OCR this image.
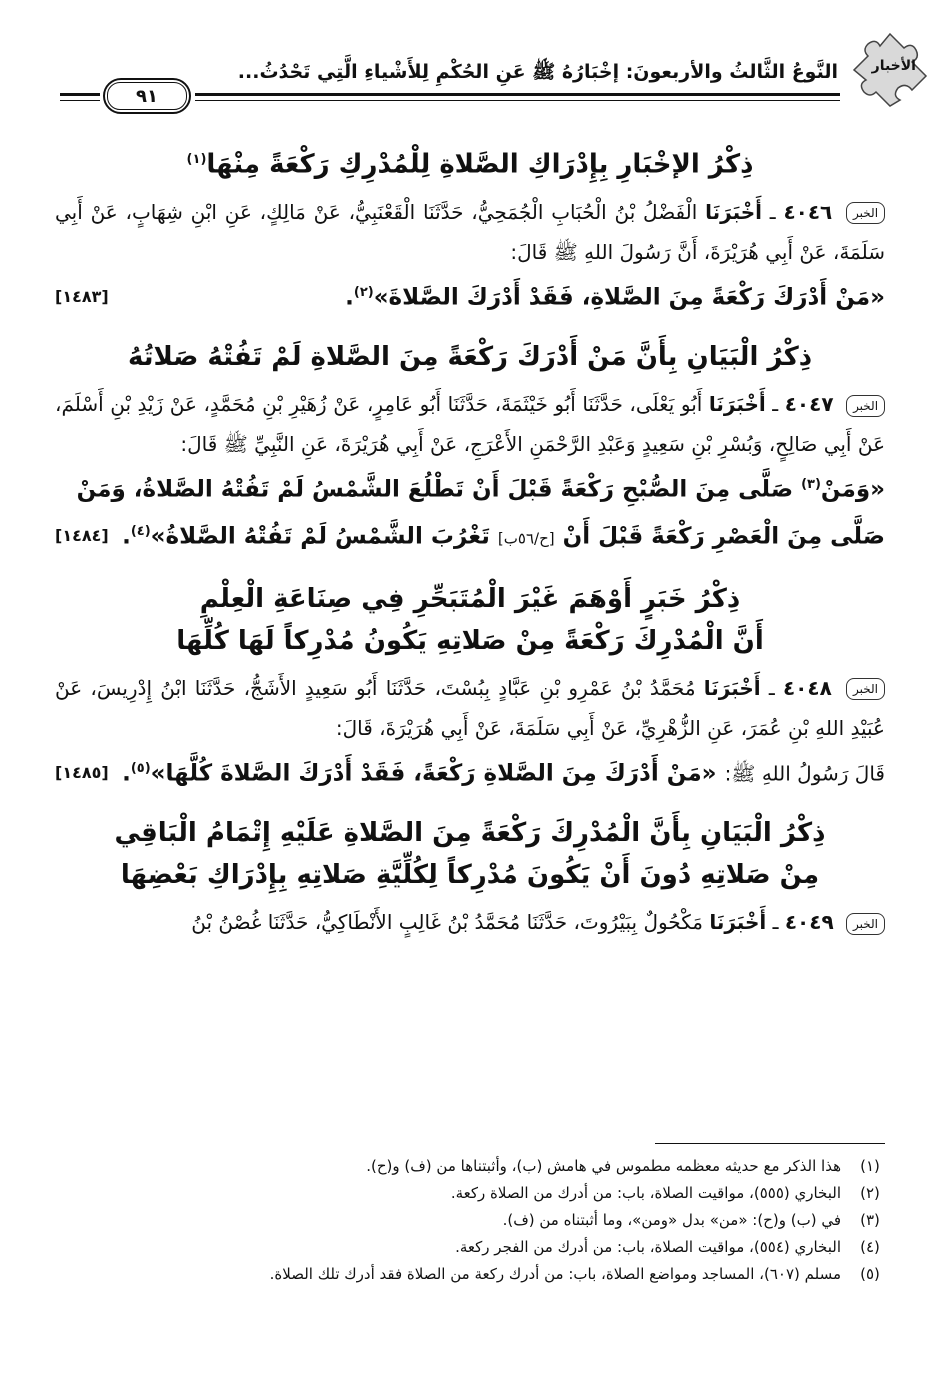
الأخبار
النَّوعُ الثَّالثُ والأربعونَ: إخْبَارُهُ ﷺ عَنِ الحُكْمِ لِلأَشْياءِ الَّتِي تَحْدُثُ...
٩١
ذِكْرُ الإخْبَارِ بِإِدْرَاكِ الصَّلاةِ لِلْمُدْرِكِ رَكْعَةً مِنْهَا$^{(١)}$
الخبر ٤٠٤٦ ـ أَخْبَرَنَا الْفَضْلُ بْنُ الْحُبَابِ الْجُمَحِيُّ، حَدَّثَنَا الْقَعْنَبِيُّ، عَنْ مَالِكٍ، عَنِ ابْنِ شِهَابٍ، عَنْ أَبِي سَلَمَةَ، عَنْ أَبِي هُرَيْرَةَ، أَنَّ رَسُولَ اللهِ ﷺ قَالَ:
[١٤٨٣]	«مَنْ أَدْرَكَ رَكْعَةً مِنَ الصَّلاةِ، فَقَدْ أَدْرَكَ الصَّلاةَ»$^{(٢)}$.
ذِكْرُ الْبَيَانِ بِأَنَّ مَنْ أَدْرَكَ رَكْعَةً مِنَ الصَّلاةِ لَمْ تَفُتْهُ صَلاتُهُ
الخبر ٤٠٤٧ ـ أَخْبَرَنَا أَبُو يَعْلَى، حَدَّثَنَا أَبُو خَيْثَمَةَ، حَدَّثَنَا أَبُو عَامِرٍ، عَنْ زُهَيْرِ بْنِ مُحَمَّدٍ، عَنْ زَيْدِ بْنِ أَسْلَمَ، عَنْ أَبِي صَالِحٍ، وَبُسْرِ بْنِ سَعِيدٍ وَعَبْدِ الرَّحْمَنِ الأَعْرَجِ، عَنْ أَبِي هُرَيْرَةَ، عَنِ النَّبِيِّ ﷺ قَالَ:
«وَمَنْ$^{(٣)}$ صَلَّى مِنَ الصُّبْحِ رَكْعَةً قَبْلَ أَنْ تَطْلُعَ الشَّمْسُ لَمْ تَفُتْهُ الصَّلاةُ، وَمَنْ صَلَّى مِنَ الْعَصْرِ رَكْعَةً قَبْلَ أَنْ [ح/٥٦ب] تَغْرُبَ الشَّمْسُ لَمْ تَفُتْهُ الصَّلاةُ»$^{(٤)}$.
[١٤٨٤]
ذِكْرُ خَبَرٍ أَوْهَمَ غَيْرَ الْمُتَبَحِّرِ فِي صِنَاعَةِ الْعِلْمِ
أَنَّ الْمُدْرِكَ رَكْعَةً مِنْ صَلاتِهِ يَكُونُ مُدْرِكاً لَهَا كُلِّهَا
الخبر ٤٠٤٨ ـ أَخْبَرَنَا مُحَمَّدُ بْنُ عَمْرِو بْنِ عَبَّادٍ بِبُسْتَ، حَدَّثَنَا أَبُو سَعِيدٍ الأَشَجُّ، حَدَّثَنَا ابْنُ إِدْرِيسَ، عَنْ عُبَيْدِ اللهِ بْنِ عُمَرَ، عَنِ الزُّهْرِيِّ، عَنْ أَبِي سَلَمَةَ، عَنْ أَبِي هُرَيْرَةَ، قَالَ:
قَالَ رَسُولُ اللهِ ﷺ: «مَنْ أَدْرَكَ مِنَ الصَّلاةِ رَكْعَةً، فَقَدْ أَدْرَكَ الصَّلاةَ كُلَّهَا»$^{(٥)}$.
[١٤٨٥]
ذِكْرُ الْبَيَانِ بِأَنَّ الْمُدْرِكَ رَكْعَةً مِنَ الصَّلاةِ عَلَيْهِ إِتْمَامُ الْبَاقِي
مِنْ صَلاتِهِ دُونَ أَنْ يَكُونَ مُدْرِكاً لِكُلِّيَّةِ صَلاتِهِ بِإِدْرَاكِ بَعْضِهَا
الخبر ٤٠٤٩ ـ أَخْبَرَنَا مَكْحُولٌ بِبَيْرُوتَ، حَدَّثَنَا مُحَمَّدُ بْنُ غَالِبٍ الأَنْطَاكِيُّ، حَدَّثَنَا غُصْنُ بْنُ
(١)
هذا الذكر مع حديثه معظمه مطموس في هامش (ب)، وأثبتناها من (ف) و(ح).
(٢)
البخاري (٥٥٥)، مواقيت الصلاة، باب: من أدرك من الصلاة ركعة.
(٣)
في (ب) و(ح): «من» بدل «ومن»، وما أثبتناه من (ف).
(٤)
البخاري (٥٥٤)، مواقيت الصلاة، باب: من أدرك من الفجر ركعة.
(٥)
مسلم (٦٠٧)، المساجد ومواضع الصلاة، باب: من أدرك ركعة من الصلاة فقد أدرك تلك الصلاة.
